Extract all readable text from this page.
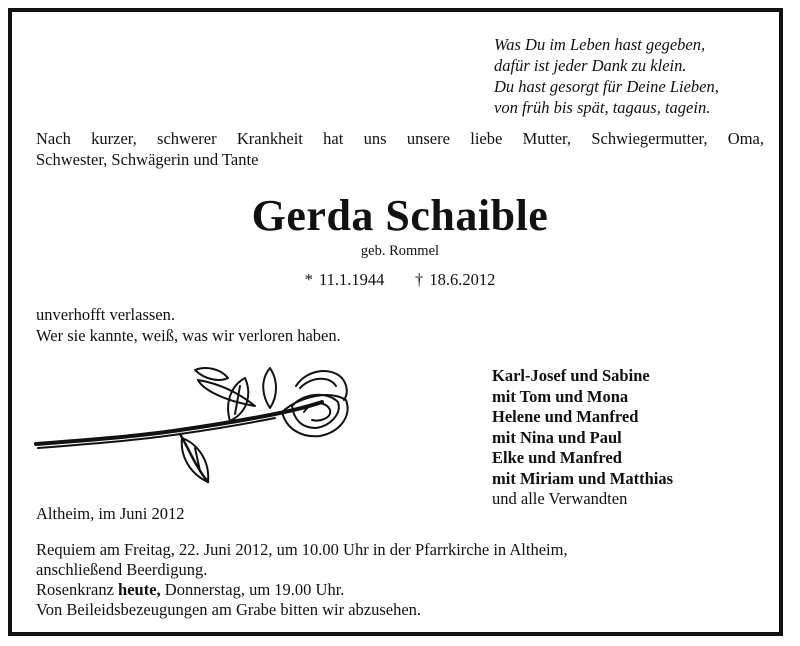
Was Du im Leben hast gegeben,
dafür ist jeder Dank zu klein.
Du hast gesorgt für Deine Lieben,
von früh bis spät, tagaus, tagein.
Nach kurzer, schwerer Krankheit hat uns unsere liebe Mutter, Schwiegermutter, Oma,
Schwester, Schwägerin und Tante
Gerda Schaible
geb. Rommel
* 11.1.1944 † 18.6.2012
unverhofft verlassen.
Wer sie kannte, weiß, was wir verloren haben.
Karl-Josef und Sabine
mit Tom und Mona
Helene und Manfred
mit Nina und Paul
Elke und Manfred
mit Miriam und Matthias
und alle Verwandten
Altheim, im Juni 2012
Requiem am Freitag, 22. Juni 2012, um 10.00 Uhr in der Pfarrkirche in Altheim,
anschließend Beerdigung.
Rosenkranz heute, Donnerstag, um 19.00 Uhr.
Von Beileidsbezeugungen am Grabe bitten wir abzusehen.
